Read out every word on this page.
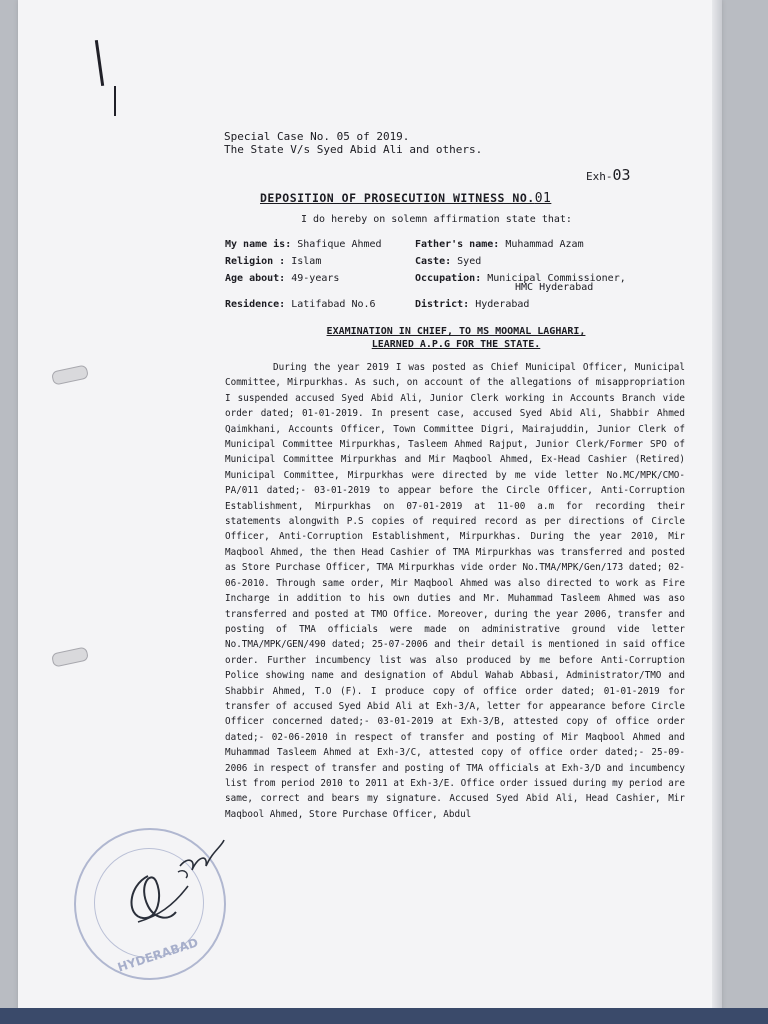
Special Case No. 05 of 2019.
The State V/s Syed Abid Ali and others.
Exh-03
DEPOSITION OF PROSECUTION WITNESS NO.01
I do hereby on solemn affirmation state that:
My name is: Shafique Ahmed	Father's name: Muhammad Azam
Religion : Islam	Caste: Syed
Age about: 49-years	Occupation: Municipal Commissioner,
HMC Hyderabad
Residence: Latifabad No.6	District: Hyderabad
EXAMINATION IN CHIEF, TO MS MOOMAL LAGHARI,
LEARNED A.P.G FOR THE STATE.

During the year 2019 I was posted as Chief Municipal Officer, Municipal Committee, Mirpurkhas. As such, on account of the allegations of misappropriation I suspended accused Syed Abid Ali, Junior Clerk working in Accounts Branch vide order dated; 01-01-2019. In present case, accused Syed Abid Ali, Shabbir Ahmed Qaimkhani, Accounts Officer, Town Committee Digri, Mairajuddin, Junior Clerk of Municipal Committee Mirpurkhas, Tasleem Ahmed Rajput, Junior Clerk/Former SPO of Municipal Committee Mirpurkhas and Mir Maqbool Ahmed, Ex-Head Cashier (Retired) Municipal Committee, Mirpurkhas were directed by me vide letter No.MC/MPK/CMO-PA/011 dated;- 03-01-2019 to appear before the Circle Officer, Anti-Corruption Establishment, Mirpurkhas on 07-01-2019 at 11-00 a.m for recording their statements alongwith P.S copies of required record as per directions of Circle Officer, Anti-Corruption Establishment, Mirpurkhas. During the year 2010, Mir Maqbool Ahmed, the then Head Cashier of TMA Mirpurkhas was transferred and posted as Store Purchase Officer, TMA Mirpurkhas vide order No.TMA/MPK/Gen/173 dated; 02-06-2010. Through same order, Mir Maqbool Ahmed was also directed to work as Fire Incharge in addition to his own duties and Mr. Muhammad Tasleem Ahmed was aso transferred and posted at TMO Office. Moreover, during the year 2006, transfer and posting of TMA officials were made on administrative ground vide letter No.TMA/MPK/GEN/490 dated; 25-07-2006 and their detail is mentioned in said office order. Further incumbency list was also produced by me before Anti-Corruption Police showing name and designation of Abdul Wahab Abbasi, Administrator/TMO and Shabbir Ahmed, T.O (F). I produce copy of office order dated; 01-01-2019 for transfer of accused Syed Abid Ali at Exh-3/A, letter for appearance before Circle Officer concerned dated;- 03-01-2019 at Exh-3/B, attested copy of office order dated;- 02-06-2010 in respect of transfer and posting of Mir Maqbool Ahmed and Muhammad Tasleem Ahmed at Exh-3/C, attested copy of office order dated;- 25-09-2006 in respect of transfer and posting of TMA officials at Exh-3/D and incumbency list from period 2010 to 2011 at Exh-3/E. Office order issued during my period are same, correct and bears my signature. Accused Syed Abid Ali, Head Cashier, Mir Maqbool Ahmed, Store Purchase Officer, Abdul

HYDERABAD
